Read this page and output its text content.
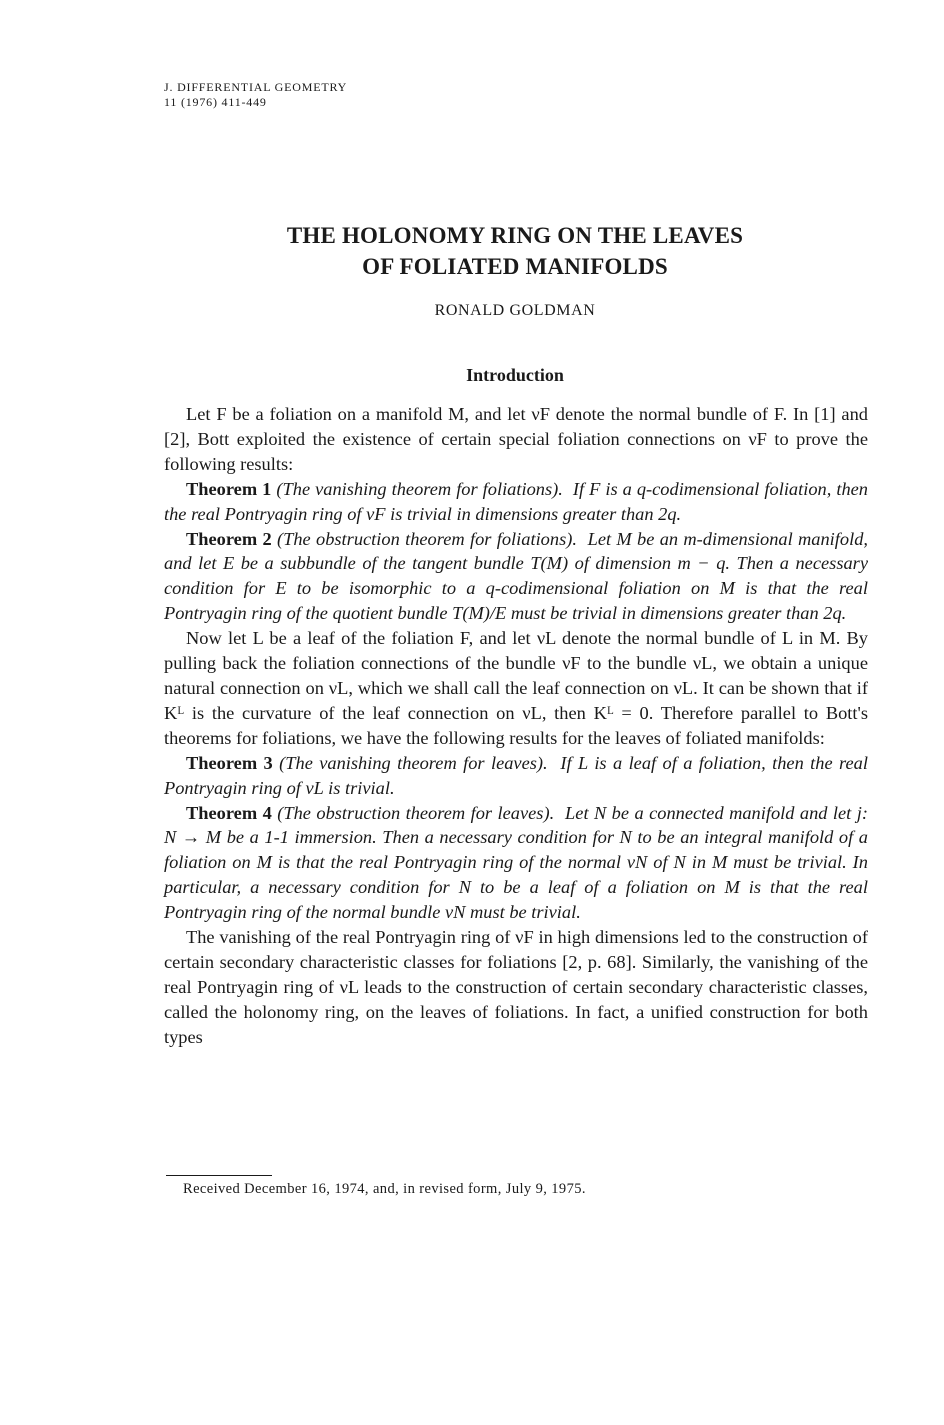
J. DIFFERENTIAL GEOMETRY
11 (1976) 411-449
THE HOLONOMY RING ON THE LEAVES
OF FOLIATED MANIFOLDS
RONALD GOLDMAN
Introduction

Let F be a foliation on a manifold M, and let νF denote the normal bundle of F. In [1] and [2], Bott exploited the existence of certain special foliation connections on νF to prove the following results:

Theorem 1 (The vanishing theorem for foliations). If F is a q-codimensional foliation, then the real Pontryagin ring of νF is trivial in dimensions greater than 2q.

Theorem 2 (The obstruction theorem for foliations). Let M be an m-dimensional manifold, and let E be a subbundle of the tangent bundle T(M) of dimension m − q. Then a necessary condition for E to be isomorphic to a q-codimensional foliation on M is that the real Pontryagin ring of the quotient bundle T(M)/E must be trivial in dimensions greater than 2q.

Now let L be a leaf of the foliation F, and let νL denote the normal bundle of L in M. By pulling back the foliation connections of the bundle νF to the bundle νL, we obtain a unique natural connection on νL, which we shall call the leaf connection on νL. It can be shown that if Kᴸ is the curvature of the leaf connection on νL, then Kᴸ = 0. Therefore parallel to Bott's theorems for foliations, we have the following results for the leaves of foliated manifolds:

Theorem 3 (The vanishing theorem for leaves). If L is a leaf of a foliation, then the real Pontryagin ring of νL is trivial.

Theorem 4 (The obstruction theorem for leaves). Let N be a connected manifold and let j: N → M be a 1-1 immersion. Then a necessary condition for N to be an integral manifold of a foliation on M is that the real Pontryagin ring of the normal νN of N in M must be trivial. In particular, a necessary condition for N to be a leaf of a foliation on M is that the real Pontryagin ring of the normal bundle νN must be trivial.

The vanishing of the real Pontryagin ring of νF in high dimensions led to the construction of certain secondary characteristic classes for foliations [2, p. 68]. Similarly, the vanishing of the real Pontryagin ring of νL leads to the construction of certain secondary characteristic classes, called the holonomy ring, on the leaves of foliations. In fact, a unified construction for both types

Received December 16, 1974, and, in revised form, July 9, 1975.
